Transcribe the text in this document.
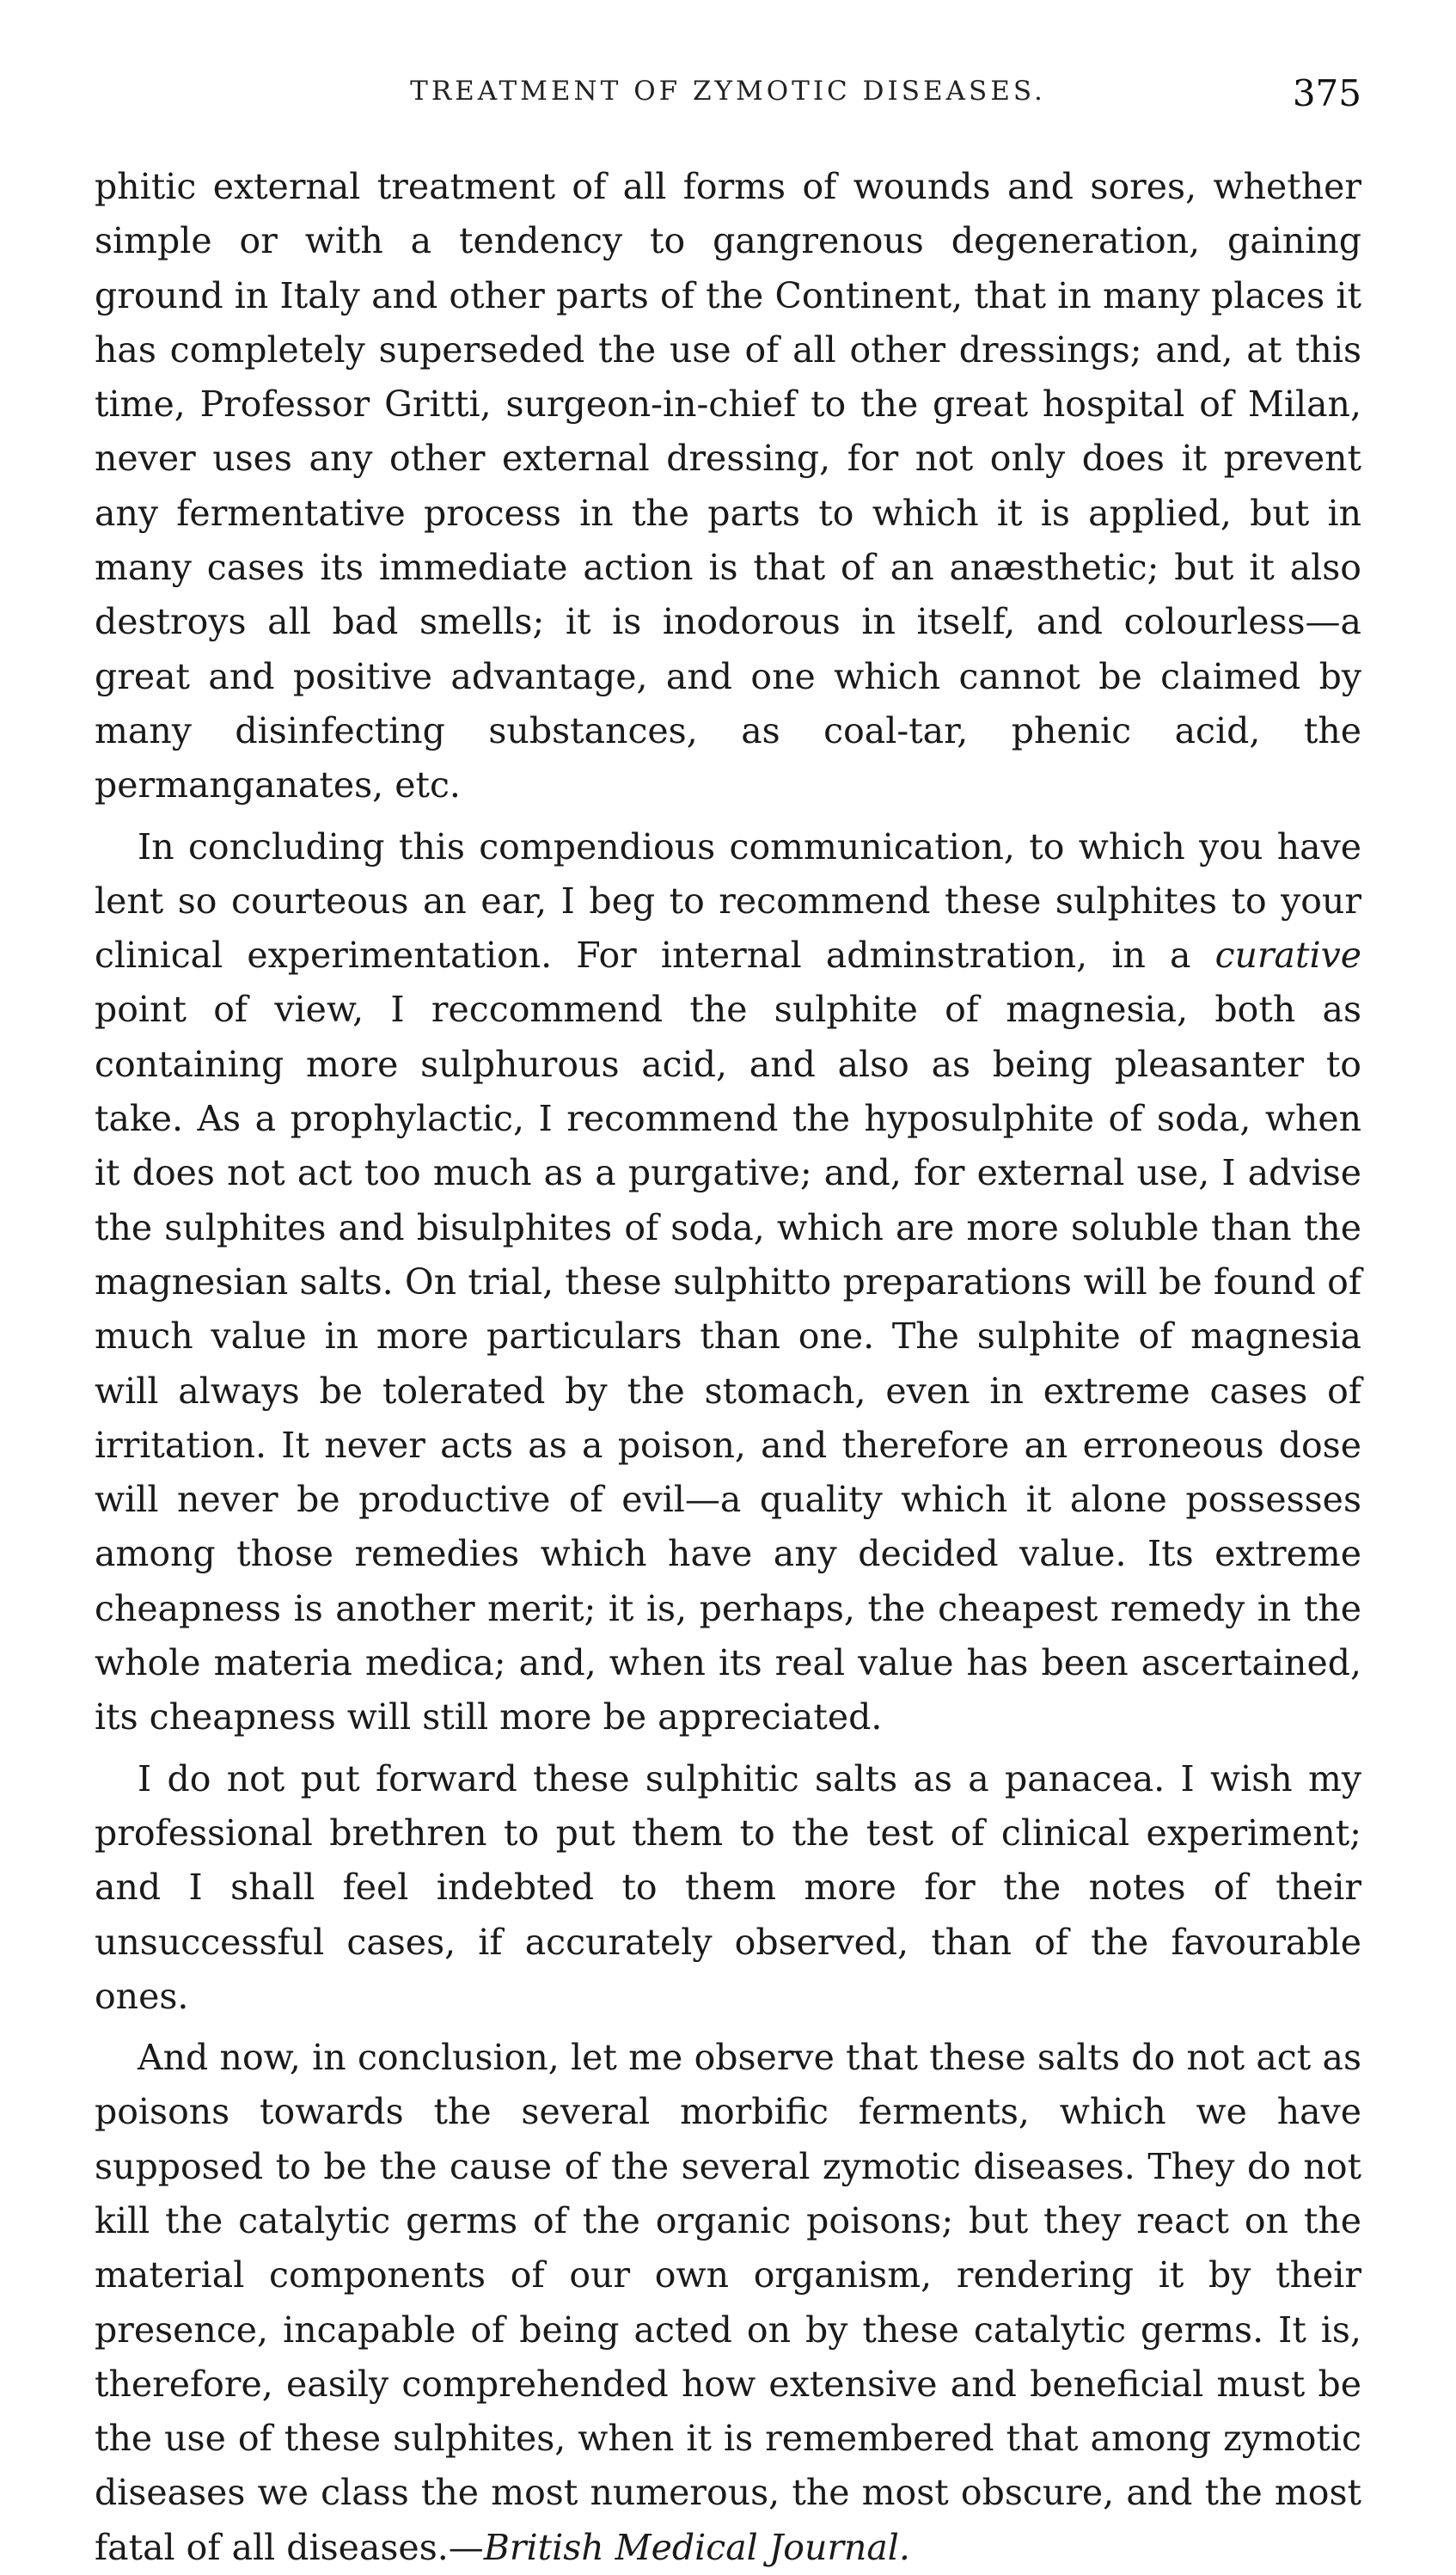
TREATMENT OF ZYMOTIC DISEASES.	375

phitic external treatment of all forms of wounds and sores, whether simple or with a tendency to gangrenous degeneration, gaining ground in Italy and other parts of the Continent, that in many places it has completely superseded the use of all other dressings; and, at this time, Professor Gritti, surgeon-in-chief to the great hospital of Milan, never uses any other external dressing, for not only does it prevent any fermentative process in the parts to which it is applied, but in many cases its immediate action is that of an anæsthetic; but it also destroys all bad smells; it is inodorous in itself, and colourless—a great and positive advantage, and one which cannot be claimed by many disinfecting substances, as coal-tar, phenic acid, the permanganates, etc.

In concluding this compendious communication, to which you have lent so courteous an ear, I beg to recommend these sulphites to your clinical experimentation. For internal adminstration, in a curative point of view, I reccommend the sulphite of magnesia, both as containing more sulphurous acid, and also as being pleasanter to take. As a prophylactic, I recommend the hyposulphite of soda, when it does not act too much as a purgative; and, for external use, I advise the sulphites and bisulphites of soda, which are more soluble than the magnesian salts. On trial, these sulphitto preparations will be found of much value in more particulars than one. The sulphite of magnesia will always be tolerated by the stomach, even in extreme cases of irritation. It never acts as a poison, and therefore an erroneous dose will never be productive of evil—a quality which it alone possesses among those remedies which have any decided value. Its extreme cheapness is another merit; it is, perhaps, the cheapest remedy in the whole materia medica; and, when its real value has been ascertained, its cheapness will still more be appreciated.

I do not put forward these sulphitic salts as a panacea. I wish my professional brethren to put them to the test of clinical experiment; and I shall feel indebted to them more for the notes of their unsuccessful cases, if accurately observed, than of the favourable ones.

And now, in conclusion, let me observe that these salts do not act as poisons towards the several morbific ferments, which we have supposed to be the cause of the several zymotic diseases. They do not kill the catalytic germs of the organic poisons; but they react on the material components of our own organism, rendering it by their presence, incapable of being acted on by these catalytic germs. It is, therefore, easily comprehended how extensive and beneficial must be the use of these sulphites, when it is remembered that among zymotic diseases we class the most numerous, the most obscure, and the most fatal of all diseases.—British Medical Journal.
